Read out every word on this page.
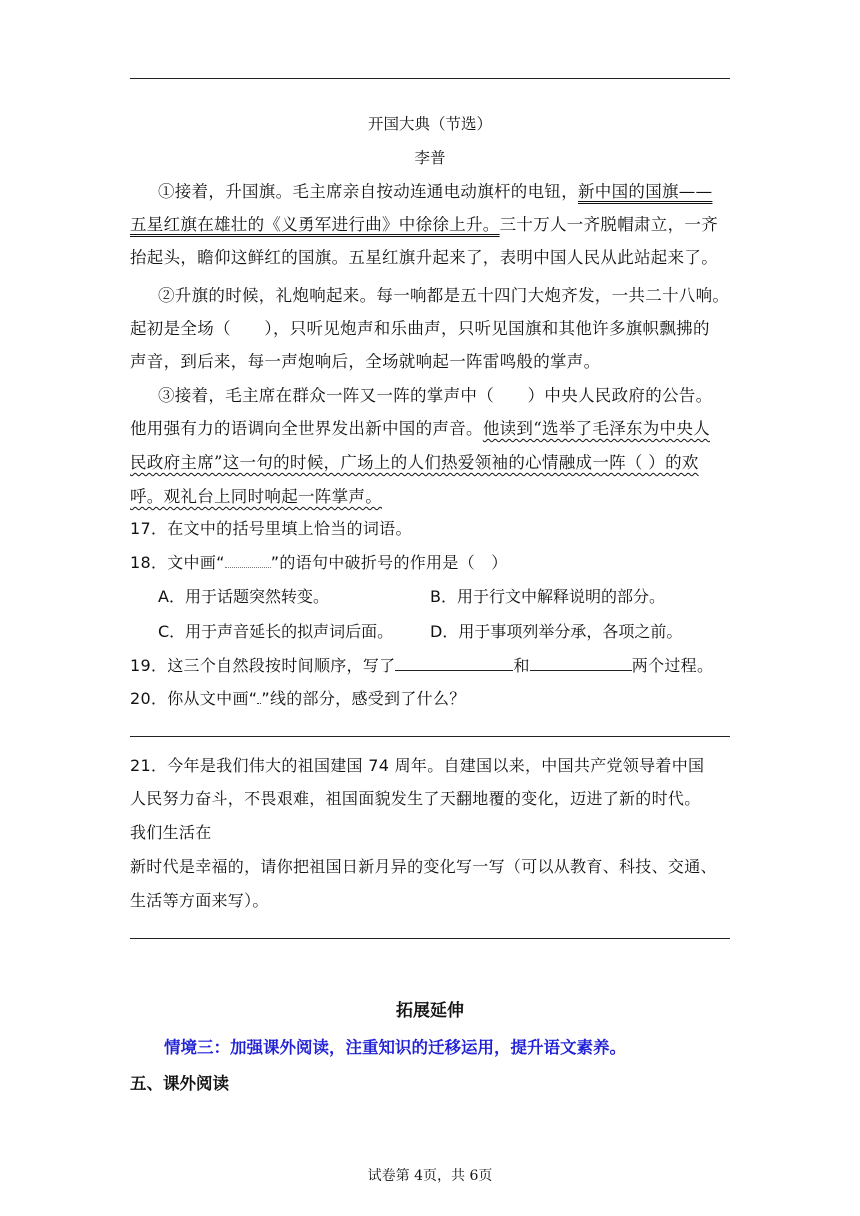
开国大典（节选）
李普
①接着，升国旗。毛主席亲自按动连通电动旗杆的电钮，新中国的国旗——
五星红旗在雄壮的《义勇军进行曲》中徐徐上升。三十万人一齐脱帽肃立，一齐
抬起头，瞻仰这鲜红的国旗。五星红旗升起来了，表明中国人民从此站起来了。
②升旗的时候，礼炮响起来。每一响都是五十四门大炮齐发，一共二十八响。
起初是全场（　　），只听见炮声和乐曲声，只听见国旗和其他许多旗帜飘拂的
声音，到后来，每一声炮响后，全场就响起一阵雷鸣般的掌声。
③接着，毛主席在群众一阵又一阵的掌声中（　　）中央人民政府的公告。
他用强有力的语调向全世界发出新中国的声音。他读到“选举了毛泽东为中央人
民政府主席”这一句的时候，广场上的人们热爱领袖的心情融成一阵（ ）的欢
呼。观礼台上同时响起一阵掌声。
17．在文中的括号里填上恰当的词语。
18．文中画“	”的语句中破折号的作用是（　）
A．用于话题突然转变。	B．用于行文中解释说明的部分。
C．用于声音延长的拟声词后面。 D．用于事项列举分承，各项之前。
19．这三个自然段按时间顺序，写了	和	两个过程。
20．你从文中画“ ”线的部分，感受到了什么？
21．今年是我们伟大的祖国建国 74 周年。自建国以来，中国共产党领导着中国
人民努力奋斗，不畏艰难，祖国面貌发生了天翻地覆的变化，迈进了新的时代。
我们生活在
新时代是幸福的，请你把祖国日新月异的变化写一写（可以从教育、科技、交通、
生活等方面来写）。
拓展延伸
情境三：加强课外阅读，注重知识的迁移运用，提升语文素养。
五、课外阅读
试卷第 4页，共 6页
